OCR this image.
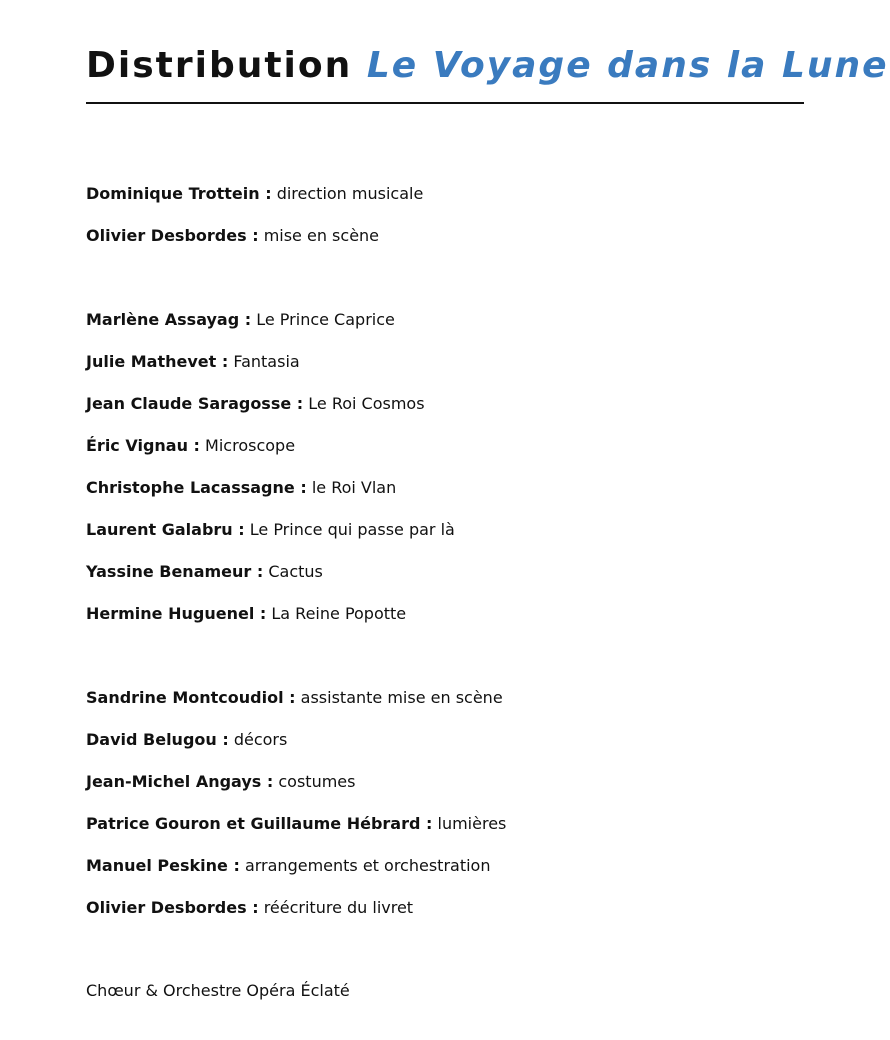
Distribution Le Voyage dans la Lune
Dominique Trottein : direction musicale
Olivier Desbordes : mise en scène
Marlène Assayag : Le Prince Caprice
Julie Mathevet : Fantasia
Jean Claude Saragosse : Le Roi Cosmos
Éric Vignau : Microscope
Christophe Lacassagne : le Roi Vlan
Laurent Galabru : Le Prince qui passe par là
Yassine Benameur : Cactus
Hermine Huguenel : La Reine Popotte
Sandrine Montcoudiol : assistante mise en scène
David Belugou : décors
Jean-Michel Angays : costumes
Patrice Gouron et Guillaume Hébrard : lumières
Manuel Peskine : arrangements et orchestration
Olivier Desbordes : réécriture du livret
Chœur & Orchestre Opéra Éclaté
